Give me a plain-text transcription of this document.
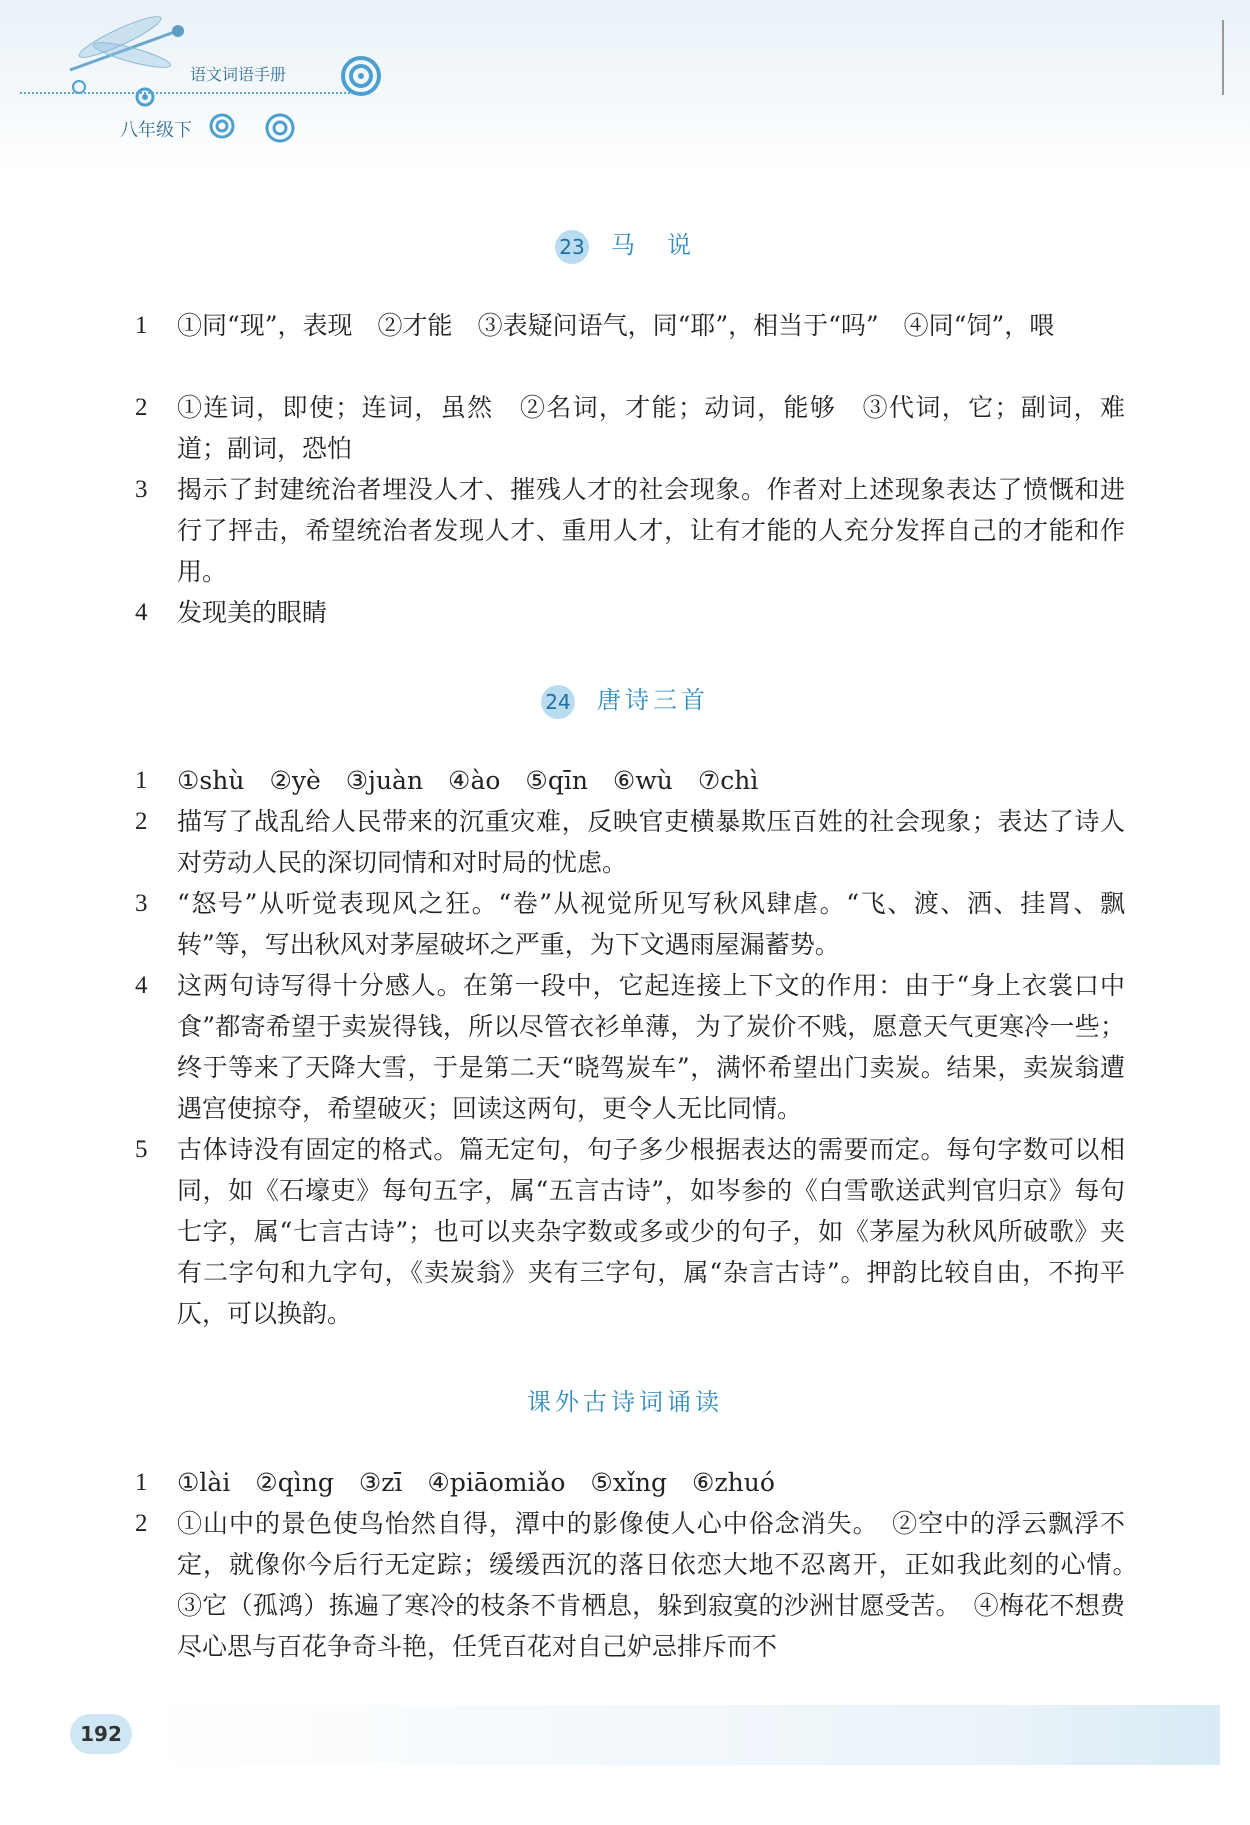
语文词语手册
八年级下
23 马　说
1	①同“现”，表现　②才能　③表疑问语气，同“耶”，相当于“吗”　④同“饲”，喂
2	①连词，即使；连词，虽然　②名词，才能；动词，能够　③代词，它；副词，难道；副词，恐怕
3	揭示了封建统治者埋没人才、摧残人才的社会现象。作者对上述现象表达了愤慨和进行了抨击，希望统治者发现人才、重用人才，让有才能的人充分发挥自己的才能和作用。
4	发现美的眼睛
24 唐诗三首
1	①shù　②yè　③juàn　④ào　⑤qīn　⑥wù　⑦chì
2	描写了战乱给人民带来的沉重灾难，反映官吏横暴欺压百姓的社会现象；表达了诗人对劳动人民的深切同情和对时局的忧虑。
3	“怒号”从听觉表现风之狂。“卷”从视觉所见写秋风肆虐。“飞、渡、洒、挂罥、飘转”等，写出秋风对茅屋破坏之严重，为下文遇雨屋漏蓄势。
4	这两句诗写得十分感人。在第一段中，它起连接上下文的作用：由于“身上衣裳口中食”都寄希望于卖炭得钱，所以尽管衣衫单薄，为了炭价不贱，愿意天气更寒冷一些；终于等来了天降大雪，于是第二天“晓驾炭车”，满怀希望出门卖炭。结果，卖炭翁遭遇宫使掠夺，希望破灭；回读这两句，更令人无比同情。
5	古体诗没有固定的格式。篇无定句，句子多少根据表达的需要而定。每句字数可以相同，如《石壕吏》每句五字，属“五言古诗”，如岑参的《白雪歌送武判官归京》每句七字，属“七言古诗”；也可以夹杂字数或多或少的句子，如《茅屋为秋风所破歌》夹有二字句和九字句，《卖炭翁》夹有三字句，属“杂言古诗”。押韵比较自由，不拘平仄，可以换韵。
课外古诗词诵读
1	①lài　②qìng　③zī　④piāomiǎo　⑤xǐng　⑥zhuó
2	①山中的景色使鸟怡然自得，潭中的影像使人心中俗念消失。　②空中的浮云飘浮不定，就像你今后行无定踪；缓缓西沉的落日依恋大地不忍离开，正如我此刻的心情。　③它（孤鸿）拣遍了寒冷的枝条不肯栖息，躲到寂寞的沙洲甘愿受苦。　④梅花不想费尽心思与百花争奇斗艳，任凭百花对自己妒忌排斥而不
192
